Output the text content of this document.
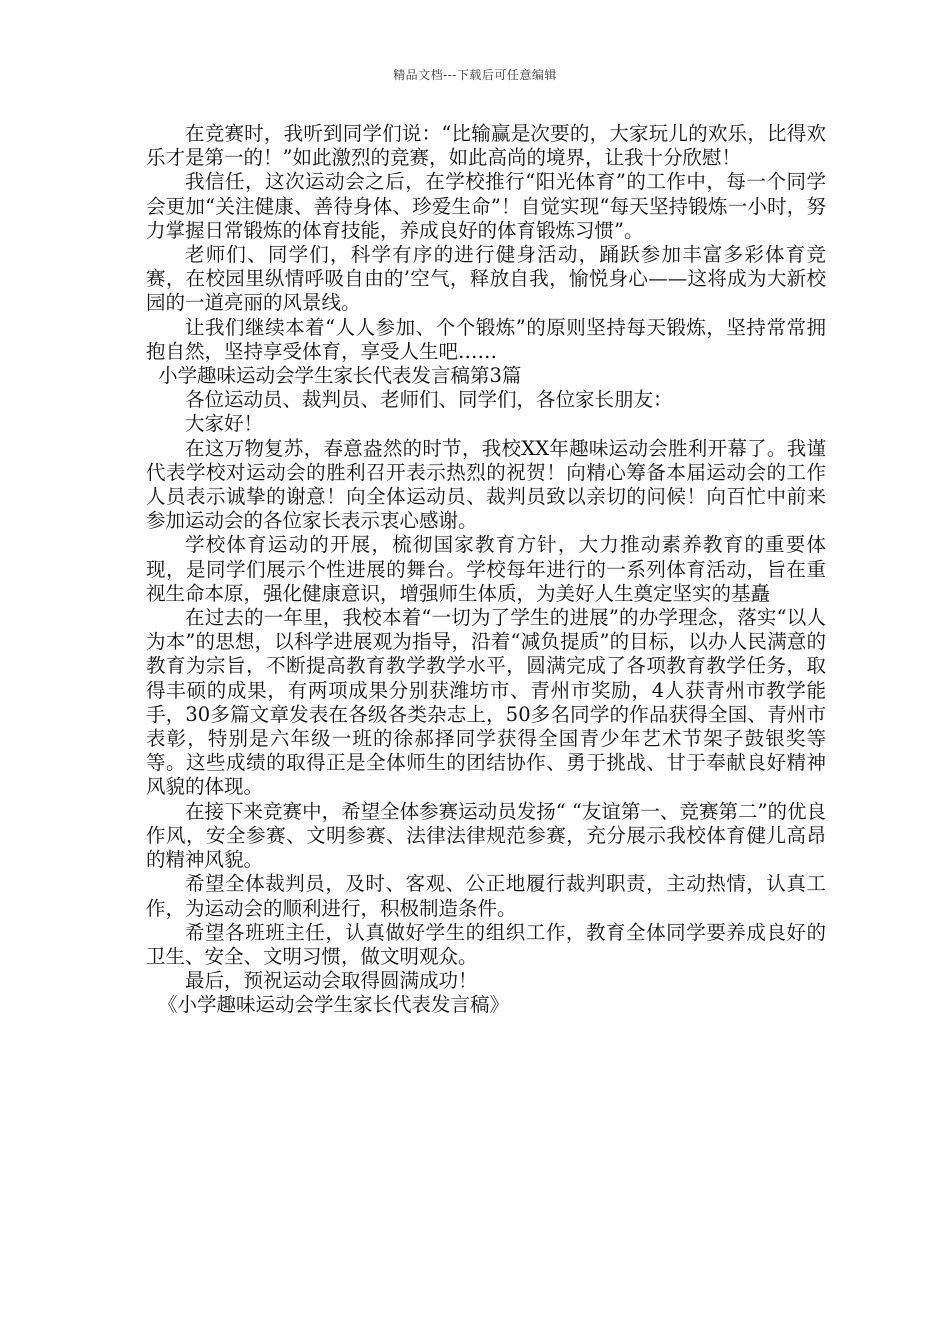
精品文档---下载后可任意编辑

在竞赛时，我听到同学们说：“比输赢是次要的，大家玩儿的欢乐，比得欢乐才是第一的！”如此激烈的竞赛，如此高尚的境界，让我十分欣慰！

我信任，这次运动会之后，在学校推行“阳光体育”的工作中，每一个同学会更加“关注健康、善待身体、珍爱生命”！自觉实现“每天坚持锻炼一小时，努力掌握日常锻炼的体育技能，养成良好的体育锻炼习惯”。

老师们、同学们，科学有序的进行健身活动，踊跃参加丰富多彩体育竞赛，在校园里纵情呼吸自由的’空气，释放自我，愉悦身心——这将成为大新校园的一道亮丽的风景线。

让我们继续本着“人人参加、个个锻炼”的原则坚持每天锻炼，坚持常常拥抱自然，坚持享受体育，享受人生吧……

小学趣味运动会学生家长代表发言稿第3篇

各位运动员、裁判员、老师们、同学们，各位家长朋友：

大家好！

在这万物复苏，春意盎然的时节，我校XX年趣味运动会胜利开幕了。我谨代表学校对运动会的胜利召开表示热烈的祝贺！向精心筹备本届运动会的工作人员表示诚挚的谢意！向全体运动员、裁判员致以亲切的问候！向百忙中前来参加运动会的各位家长表示衷心感谢。

学校体育运动的开展，梳彻国家教育方针，大力推动素养教育的重要体现，是同学们展示个性进展的舞台。学校每年进行的一系列体育活动，旨在重视生命本原，强化健康意识，增强师生体质，为美好人生奠定坚实的基矗

在过去的一年里，我校本着“一切为了学生的进展”的办学理念，落实“以人为本”的思想，以科学进展观为指导，沿着“减负提质”的目标，以办人民满意的教育为宗旨，不断提高教育教学教学水平，圆满完成了各项教育教学任务，取得丰硕的成果，有两项成果分别获潍坊市、青州市奖励，4人获青州市教学能手，30多篇文章发表在各级各类杂志上，50多名同学的作品获得全国、青州市表彰，特别是六年级一班的徐郝择同学获得全国青少年艺术节架子鼓银奖等等。这些成绩的取得正是全体师生的团结协作、勇于挑战、甘于奉献良好精神风貌的体现。

在接下来竞赛中，希望全体参赛运动员发扬“ “友谊第一、竞赛第二”的优良作风，安全参赛、文明参赛、法律法律规范参赛，充分展示我校体育健儿高昂的精神风貌。

希望全体裁判员，及时、客观、公正地履行裁判职责，主动热情，认真工作，为运动会的顺利进行，积极制造条件。

希望各班班主任，认真做好学生的组织工作，教育全体同学要养成良好的卫生、安全、文明习惯，做文明观众。

最后，预祝运动会取得圆满成功！

《小学趣味运动会学生家长代表发言稿》
